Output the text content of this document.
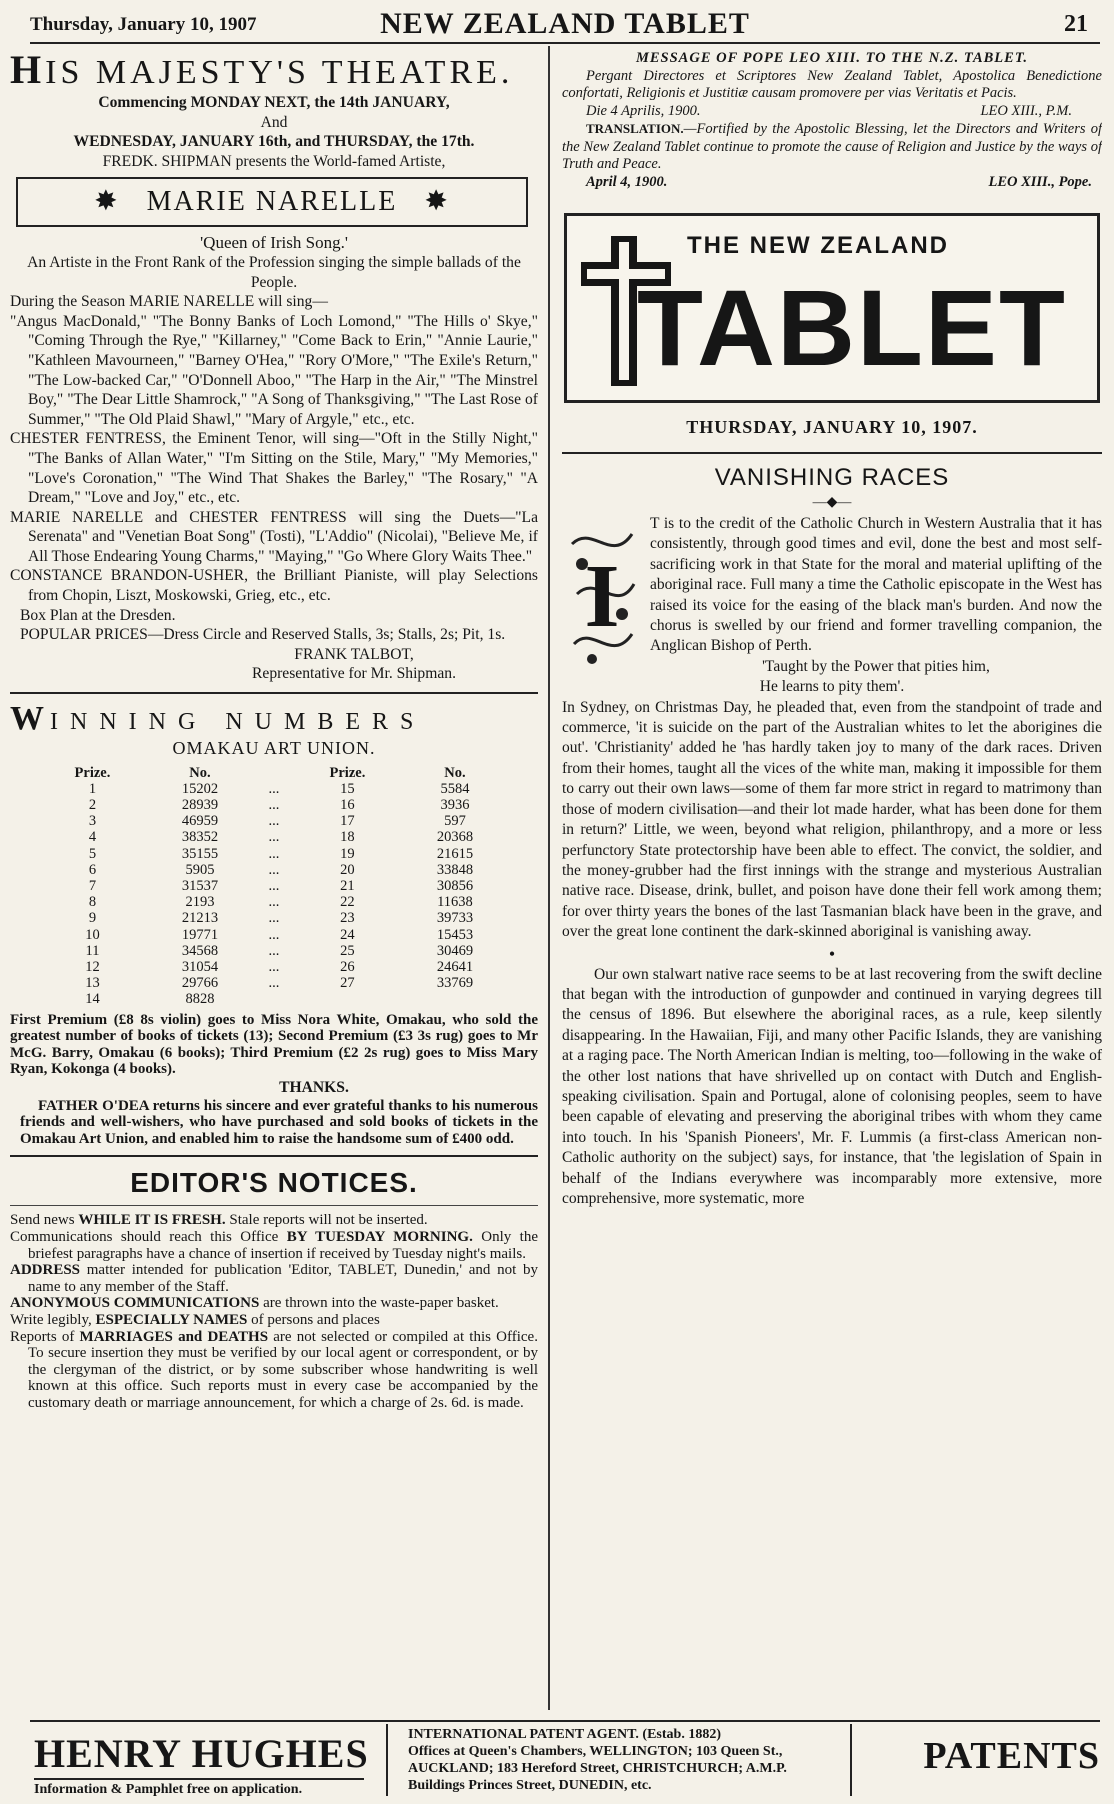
Thursday, January 10, 1907	NEW ZEALAND TABLET	21
HIS MAJESTY'S THEATRE.
Commencing MONDAY NEXT, the 14th JANUARY,
And
WEDNESDAY, JANUARY 16th, and THURSDAY, the 17th.
FREDK. SHIPMAN presents the World-famed Artiste,
✸ MARIE NARELLE ✸
'Queen of Irish Song.'
An Artiste in the Front Rank of the Profession singing the simple ballads of the People.
During the Season MARIE NARELLE will sing—
"Angus MacDonald," "The Bonny Banks of Loch Lomond," "The Hills o' Skye," "Coming Through the Rye," "Killarney," "Come Back to Erin," "Annie Laurie," "Kathleen Mavourneen," "Barney O'Hea," "Rory O'More," "The Exile's Return," "The Low-backed Car," "O'Donnell Aboo," "The Harp in the Air," "The Minstrel Boy," "The Dear Little Shamrock," "A Song of Thanksgiving," "The Last Rose of Summer," "The Old Plaid Shawl," "Mary of Argyle," etc., etc.
CHESTER FENTRESS, the Eminent Tenor, will sing—"Oft in the Stilly Night," "The Banks of Allan Water," "I'm Sitting on the Stile, Mary," "My Memories," "Love's Coronation," "The Wind That Shakes the Barley," "The Rosary," "A Dream," "Love and Joy," etc., etc.
MARIE NARELLE and CHESTER FENTRESS will sing the Duets—"La Serenata" and "Venetian Boat Song" (Tosti), "L'Addio" (Nicolai), "Believe Me, if All Those Endearing Young Charms," "Maying," "Go Where Glory Waits Thee."
CONSTANCE BRANDON-USHER, the Brilliant Pianiste, will play Selections from Chopin, Liszt, Moskowski, Grieg, etc., etc.
Box Plan at the Dresden.
POPULAR PRICES—Dress Circle and Reserved Stalls, 3s; Stalls, 2s; Pit, 1s.
FRANK TALBOT,
Representative for Mr. Shipman.
WINNING NUMBERS
OMAKAU ART UNION.
Prize.	No.		Prize.	No.
1	15202	...	15	5584
2	28939	...	16	3936
3	46959	...	17	597
4	38352	...	18	20368
5	35155	...	19	21615
6	5905	...	20	33848
7	31537	...	21	30856
8	2193	...	22	11638
9	21213	...	23	39733
10	19771	...	24	15453
11	34568	...	25	30469
12	31054	...	26	24641
13	29766	...	27	33769
14	8828			
First Premium (£8 8s violin) goes to Miss Nora White, Omakau, who sold the greatest number of books of tickets (13); Second Premium (£3 3s rug) goes to Mr McG. Barry, Omakau (6 books); Third Premium (£2 2s rug) goes to Miss Mary Ryan, Kokonga (4 books).
THANKS.
FATHER O'DEA returns his sincere and ever grateful thanks to his numerous friends and well-wishers, who have purchased and sold books of tickets in the Omakau Art Union, and enabled him to raise the handsome sum of £400 odd.
EDITOR'S NOTICES.
Send news WHILE IT IS FRESH. Stale reports will not be inserted.
Communications should reach this Office BY TUESDAY MORNING. Only the briefest paragraphs have a chance of insertion if received by Tuesday night's mails.
ADDRESS matter intended for publication 'Editor, TABLET, Dunedin,' and not by name to any member of the Staff.
ANONYMOUS COMMUNICATIONS are thrown into the waste-paper basket.
Write legibly, ESPECIALLY NAMES of persons and places
Reports of MARRIAGES and DEATHS are not selected or compiled at this Office. To secure insertion they must be verified by our local agent or correspondent, or by the clergyman of the district, or by some subscriber whose handwriting is well known at this office. Such reports must in every case be accompanied by the customary death or marriage announcement, for which a charge of 2s. 6d. is made.
MESSAGE OF POPE LEO XIII. TO THE N.Z. TABLET.
Pergant Directores et Scriptores New Zealand Tablet, Apostolica Benedictione confortati, Religionis et Justitiæ causam promovere per vias Veritatis et Pacis.
Die 4 Aprilis, 1900.	LEO XIII., P.M.
TRANSLATION.—Fortified by the Apostolic Blessing, let the Directors and Writers of the New Zealand Tablet continue to promote the cause of Religion and Justice by the ways of Truth and Peace.
April 4, 1900.	LEO XIII., Pope.
THE NEW ZEALAND
TABLET
THURSDAY, JANUARY 10, 1907.
VANISHING RACES
—◆—
I
T is to the credit of the Catholic Church in Western Australia that it has consistently, through good times and evil, done the best and most self-sacrificing work in that State for the moral and material uplifting of the aboriginal race. Full many a time the Catholic episcopate in the West has raised its voice for the easing of the black man's burden. And now the chorus is swelled by our friend and former travelling companion, the Anglican Bishop of Perth.
'Taught by the Power that pities him,
He learns to pity them'.
In Sydney, on Christmas Day, he pleaded that, even from the standpoint of trade and commerce, 'it is suicide on the part of the Australian whites to let the aborigines die out'. 'Christianity' added he 'has hardly taken joy to many of the dark races. Driven from their homes, taught all the vices of the white man, making it impossible for them to carry out their own laws—some of them far more strict in regard to matrimony than those of modern civilisation—and their lot made harder, what has been done for them in return?' Little, we ween, beyond what religion, philanthropy, and a more or less perfunctory State protectorship have been able to effect. The convict, the soldier, and the money-grubber had the first innings with the strange and mysterious Australian native race. Disease, drink, bullet, and poison have done their fell work among them; for over thirty years the bones of the last Tasmanian black have been in the grave, and over the great lone continent the dark-skinned aboriginal is vanishing away.
•
Our own stalwart native race seems to be at last recovering from the swift decline that began with the introduction of gunpowder and continued in varying degrees till the census of 1896. But elsewhere the aboriginal races, as a rule, keep silently disappearing. In the Hawaiian, Fiji, and many other Pacific Islands, they are vanishing at a raging pace. The North American Indian is melting, too—following in the wake of the other lost nations that have shrivelled up on contact with Dutch and English-speaking civilisation. Spain and Portugal, alone of colonising peoples, seem to have been capable of elevating and preserving the aboriginal tribes with whom they came into touch. In his 'Spanish Pioneers', Mr. F. Lummis (a first-class American non-Catholic authority on the subject) says, for instance, that 'the legislation of Spain in behalf of the Indians everywhere was incomparably more extensive, more comprehensive, more systematic, more
HENRY HUGHES
Information & Pamphlet free on application.
INTERNATIONAL PATENT AGENT. (Estab. 1882)
Offices at Queen's Chambers, WELLINGTON; 103 Queen St., AUCKLAND; 183 Hereford Street, CHRISTCHURCH; A.M.P. Buildings Princes Street, DUNEDIN, etc.
PATENTS
